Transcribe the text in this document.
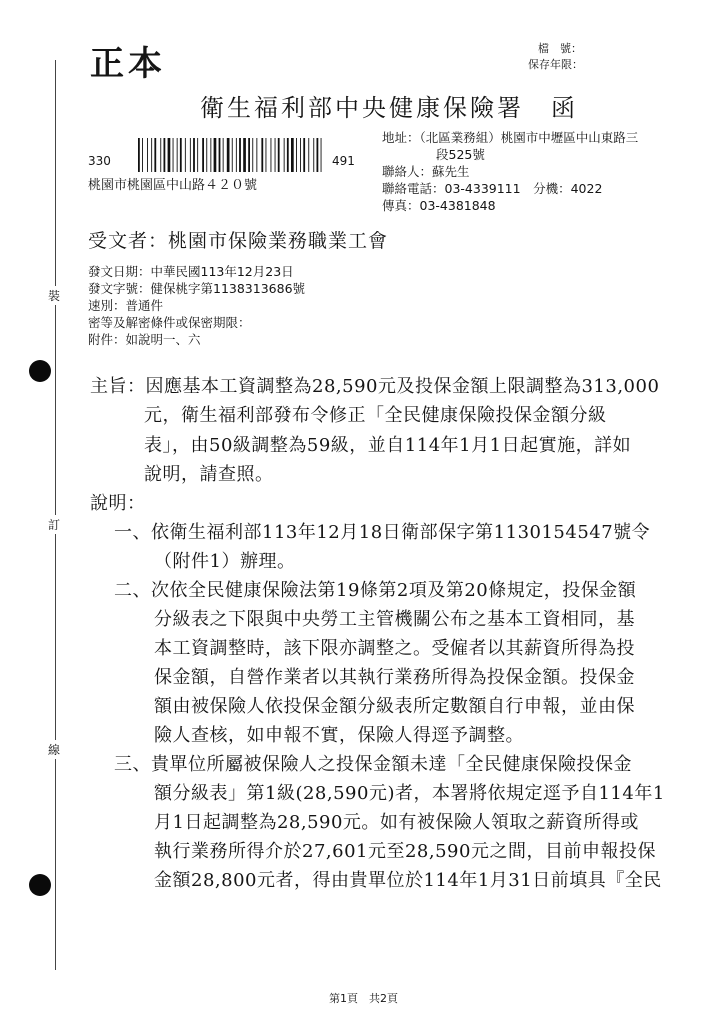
裝
訂
線
正本	檔　號：
保存年限：
衛生福利部中央健康保險署　函
地址：（北區業務組）桃園市中壢區中山東路三
段525號
聯絡人：蘇先生
聯絡電話：03-4339111　分機：4022
傳真：03-4381848
330	491
桃園市桃園區中山路４２０號
受文者：桃園市保險業務職業工會
發文日期：中華民國113年12月23日
發文字號：健保桃字第1138313686號
速別：普通件
密等及解密條件或保密期限：
附件：如說明一、六
主旨：因應基本工資調整為28,590元及投保金額上限調整為313,000
元，衛生福利部發布令修正「全民健康保險投保金額分級
表」，由50級調整為59級，並自114年1月1日起實施，詳如
說明，請查照。
說明：
一、依衛生福利部113年12月18日衛部保字第1130154547號令
（附件1）辦理。
二、次依全民健康保險法第19條第2項及第20條規定，投保金額
分級表之下限與中央勞工主管機關公布之基本工資相同，基
本工資調整時，該下限亦調整之。受僱者以其薪資所得為投
保金額，自營作業者以其執行業務所得為投保金額。投保金
額由被保險人依投保金額分級表所定數額自行申報，並由保
險人查核，如申報不實，保險人得逕予調整。
三、貴單位所屬被保險人之投保金額未達「全民健康保險投保金
額分級表」第1級(28,590元)者，本署將依規定逕予自114年1
月1日起調整為28,590元。如有被保險人領取之薪資所得或
執行業務所得介於27,601元至28,590元之間，目前申報投保
金額28,800元者，得由貴單位於114年1月31日前填具『全民
第1頁　共2頁
